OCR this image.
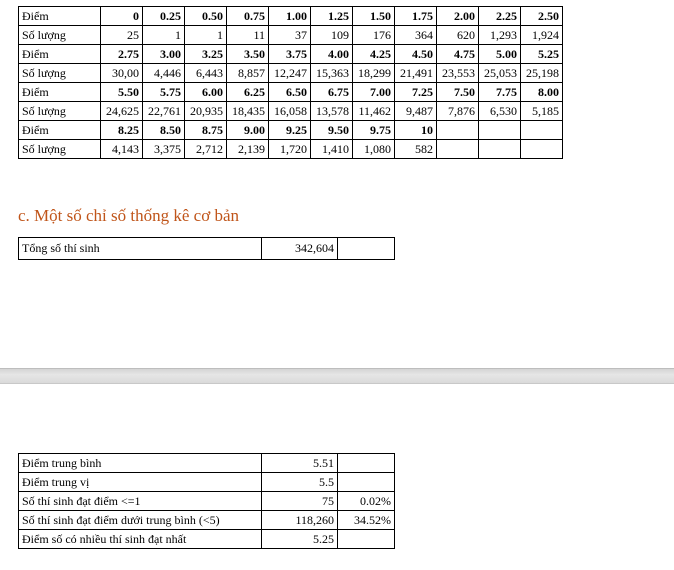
Điểm	0	0.25	0.50	0.75	1.00	1.25	1.50	1.75	2.00	2.25	2.50
Số lượng	25	1	1	11	37	109	176	364	620	1,293	1,924
Điểm	2.75	3.00	3.25	3.50	3.75	4.00	4.25	4.50	4.75	5.00	5.25
Số lượng	30,00	4,446	6,443	8,857	12,247	15,363	18,299	21,491	23,553	25,053	25,198
Điểm	5.50	5.75	6.00	6.25	6.50	6.75	7.00	7.25	7.50	7.75	8.00
Số lượng	24,625	22,761	20,935	18,435	16,058	13,578	11,462	9,487	7,876	6,530	5,185
Điểm	8.25	8.50	8.75	9.00	9.25	9.50	9.75	10			
Số lượng	4,143	3,375	2,712	2,139	1,720	1,410	1,080	582			
c. Một số chỉ số thống kê cơ bản
Tổng số thí sinh	342,604	
Điểm trung bình	5.51	
Điểm trung vị	5.5	
Số thí sinh đạt điểm <=1	75	0.02%
Số thí sinh đạt điểm dưới trung bình (<5)	118,260	34.52%
Điểm số có nhiều thí sinh đạt nhất	5.25	
